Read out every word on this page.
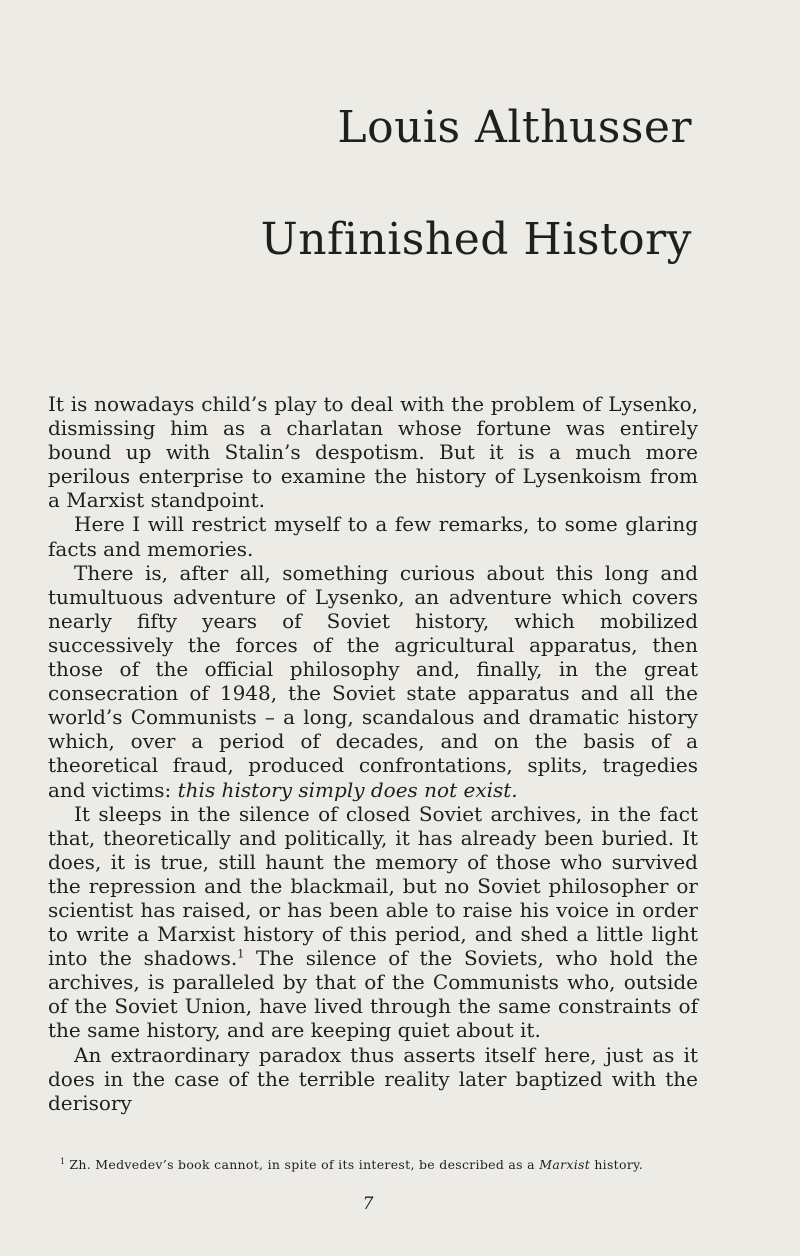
Louis Althusser
Unfinished History

It is nowadays child’s play to deal with the problem of Lysenko, dismissing him as a charlatan whose fortune was entirely bound up with Stalin’s despotism. But it is a much more perilous enterprise to examine the history of Lysenkoism from a Marxist standpoint.

Here I will restrict myself to a few remarks, to some glaring facts and memories.

There is, after all, something curious about this long and tumultuous adventure of Lysenko, an adventure which covers nearly fifty years of Soviet history, which mobilized successively the forces of the agricultural apparatus, then those of the official philosophy and, finally, in the great consecration of 1948, the Soviet state apparatus and all the world’s Communists – a long, scandalous and dramatic history which, over a period of decades, and on the basis of a theoretical fraud, produced confrontations, splits, tragedies and victims: this history simply does not exist.

It sleeps in the silence of closed Soviet archives, in the fact that, theoretically and politically, it has already been buried. It does, it is true, still haunt the memory of those who survived the repression and the blackmail, but no Soviet philosopher or scientist has raised, or has been able to raise his voice in order to write a Marxist history of this period, and shed a little light into the shadows.$^1$ The silence of the Soviets, who hold the archives, is paralleled by that of the Communists who, outside of the Soviet Union, have lived through the same constraints of the same history, and are keeping quiet about it.

An extraordinary paradox thus asserts itself here, just as it does in the case of the terrible reality later baptized with the derisory

$^1$ Zh. Medvedev’s book cannot, in spite of its interest, be described as a Marxist history.

7
